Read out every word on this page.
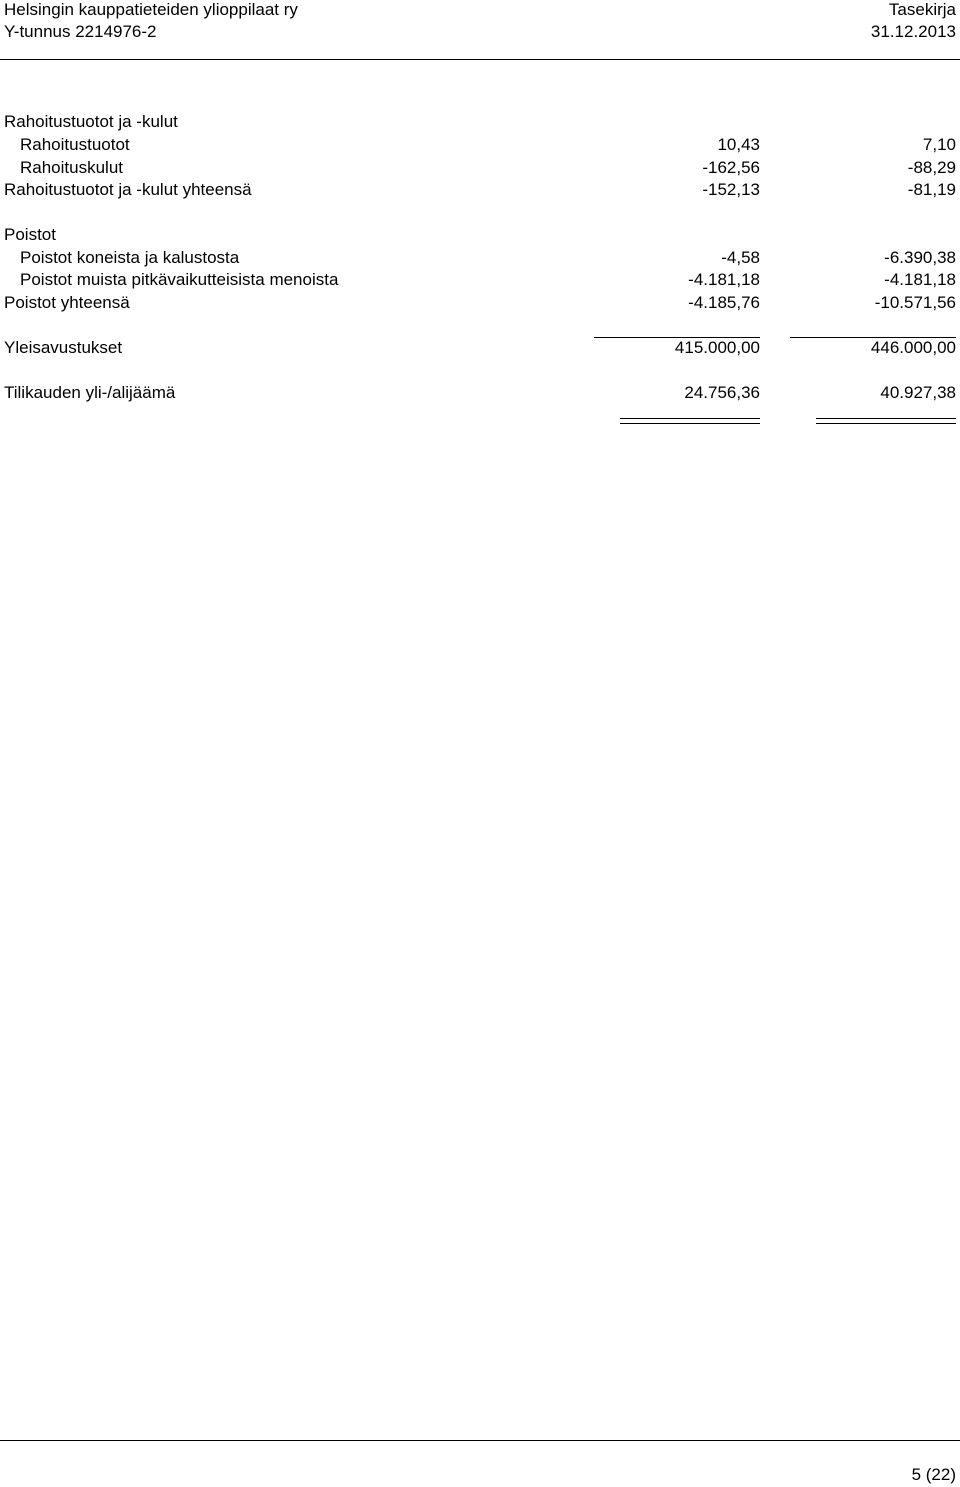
Helsingin kauppatieteiden ylioppilaat ry
Y-tunnus 2214976-2
Tasekirja
31.12.2013
Rahoitustuotot ja -kulut
Rahoitustuotot	10,43	7,10
Rahoituskulut	-162,56	-88,29
Rahoitustuotot ja -kulut yhteensä	-152,13	-81,19
Poistot
Poistot koneista ja kalustosta	-4,58	-6.390,38
Poistot muista pitkävaikutteisista menoista	-4.181,18	-4.181,18
Poistot yhteensä	-4.185,76	-10.571,56
Yleisavustukset	415.000,00	446.000,00
Tilikauden yli-/alijäämä	24.756,36	40.927,38
5 (22)
